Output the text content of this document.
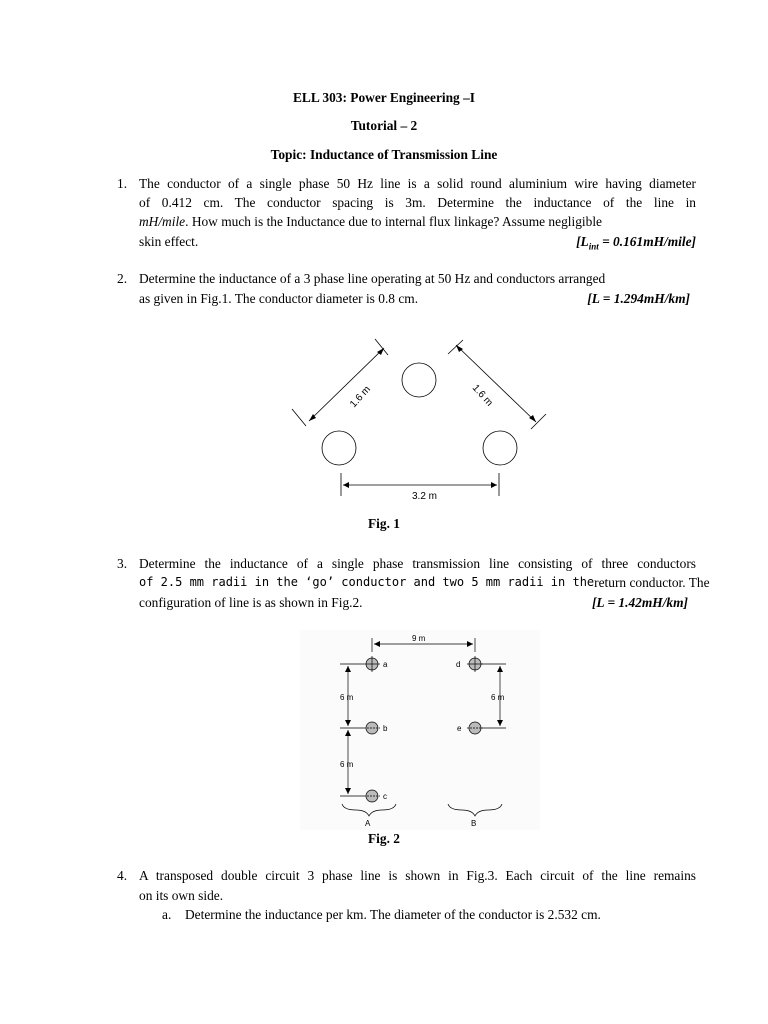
ELL 303: Power Engineering –I
Tutorial – 2
Topic: Inductance of Transmission Line
1. The conductor of a single phase 50 Hz line is a solid round aluminium wire having diameter
of 0.412 cm. The conductor spacing is 3m. Determine the inductance of the line in
mH/mile. How much is the Inductance due to internal flux linkage? Assume negligible
skin effect.	[$L_{int}$ = 0.161mH/mile]
2. Determine the inductance of a 3 phase line operating at 50 Hz and conductors arranged
as given in Fig.1. The conductor diameter is 0.8 cm.	[L = 1.294mH/km]
1.6 m	1.6 m
3.2 m
Fig. 1
3. Determine the inductance of a single phase transmission line consisting of three conductors
of 2.5 mm radii in the ‘go’ conductor and two 5 mm radii in the return conductor. The
configuration of line is as shown in Fig.2.	[L = 1.42mH/km]
9 m
6 m
6 m
6 m
a
b
c
d
e
A	B
Fig. 2
4. A transposed double circuit 3 phase line is shown in Fig.3. Each circuit of the line remains
on its own side.
a. Determine the inductance per km. The diameter of the conductor is 2.532 cm.
